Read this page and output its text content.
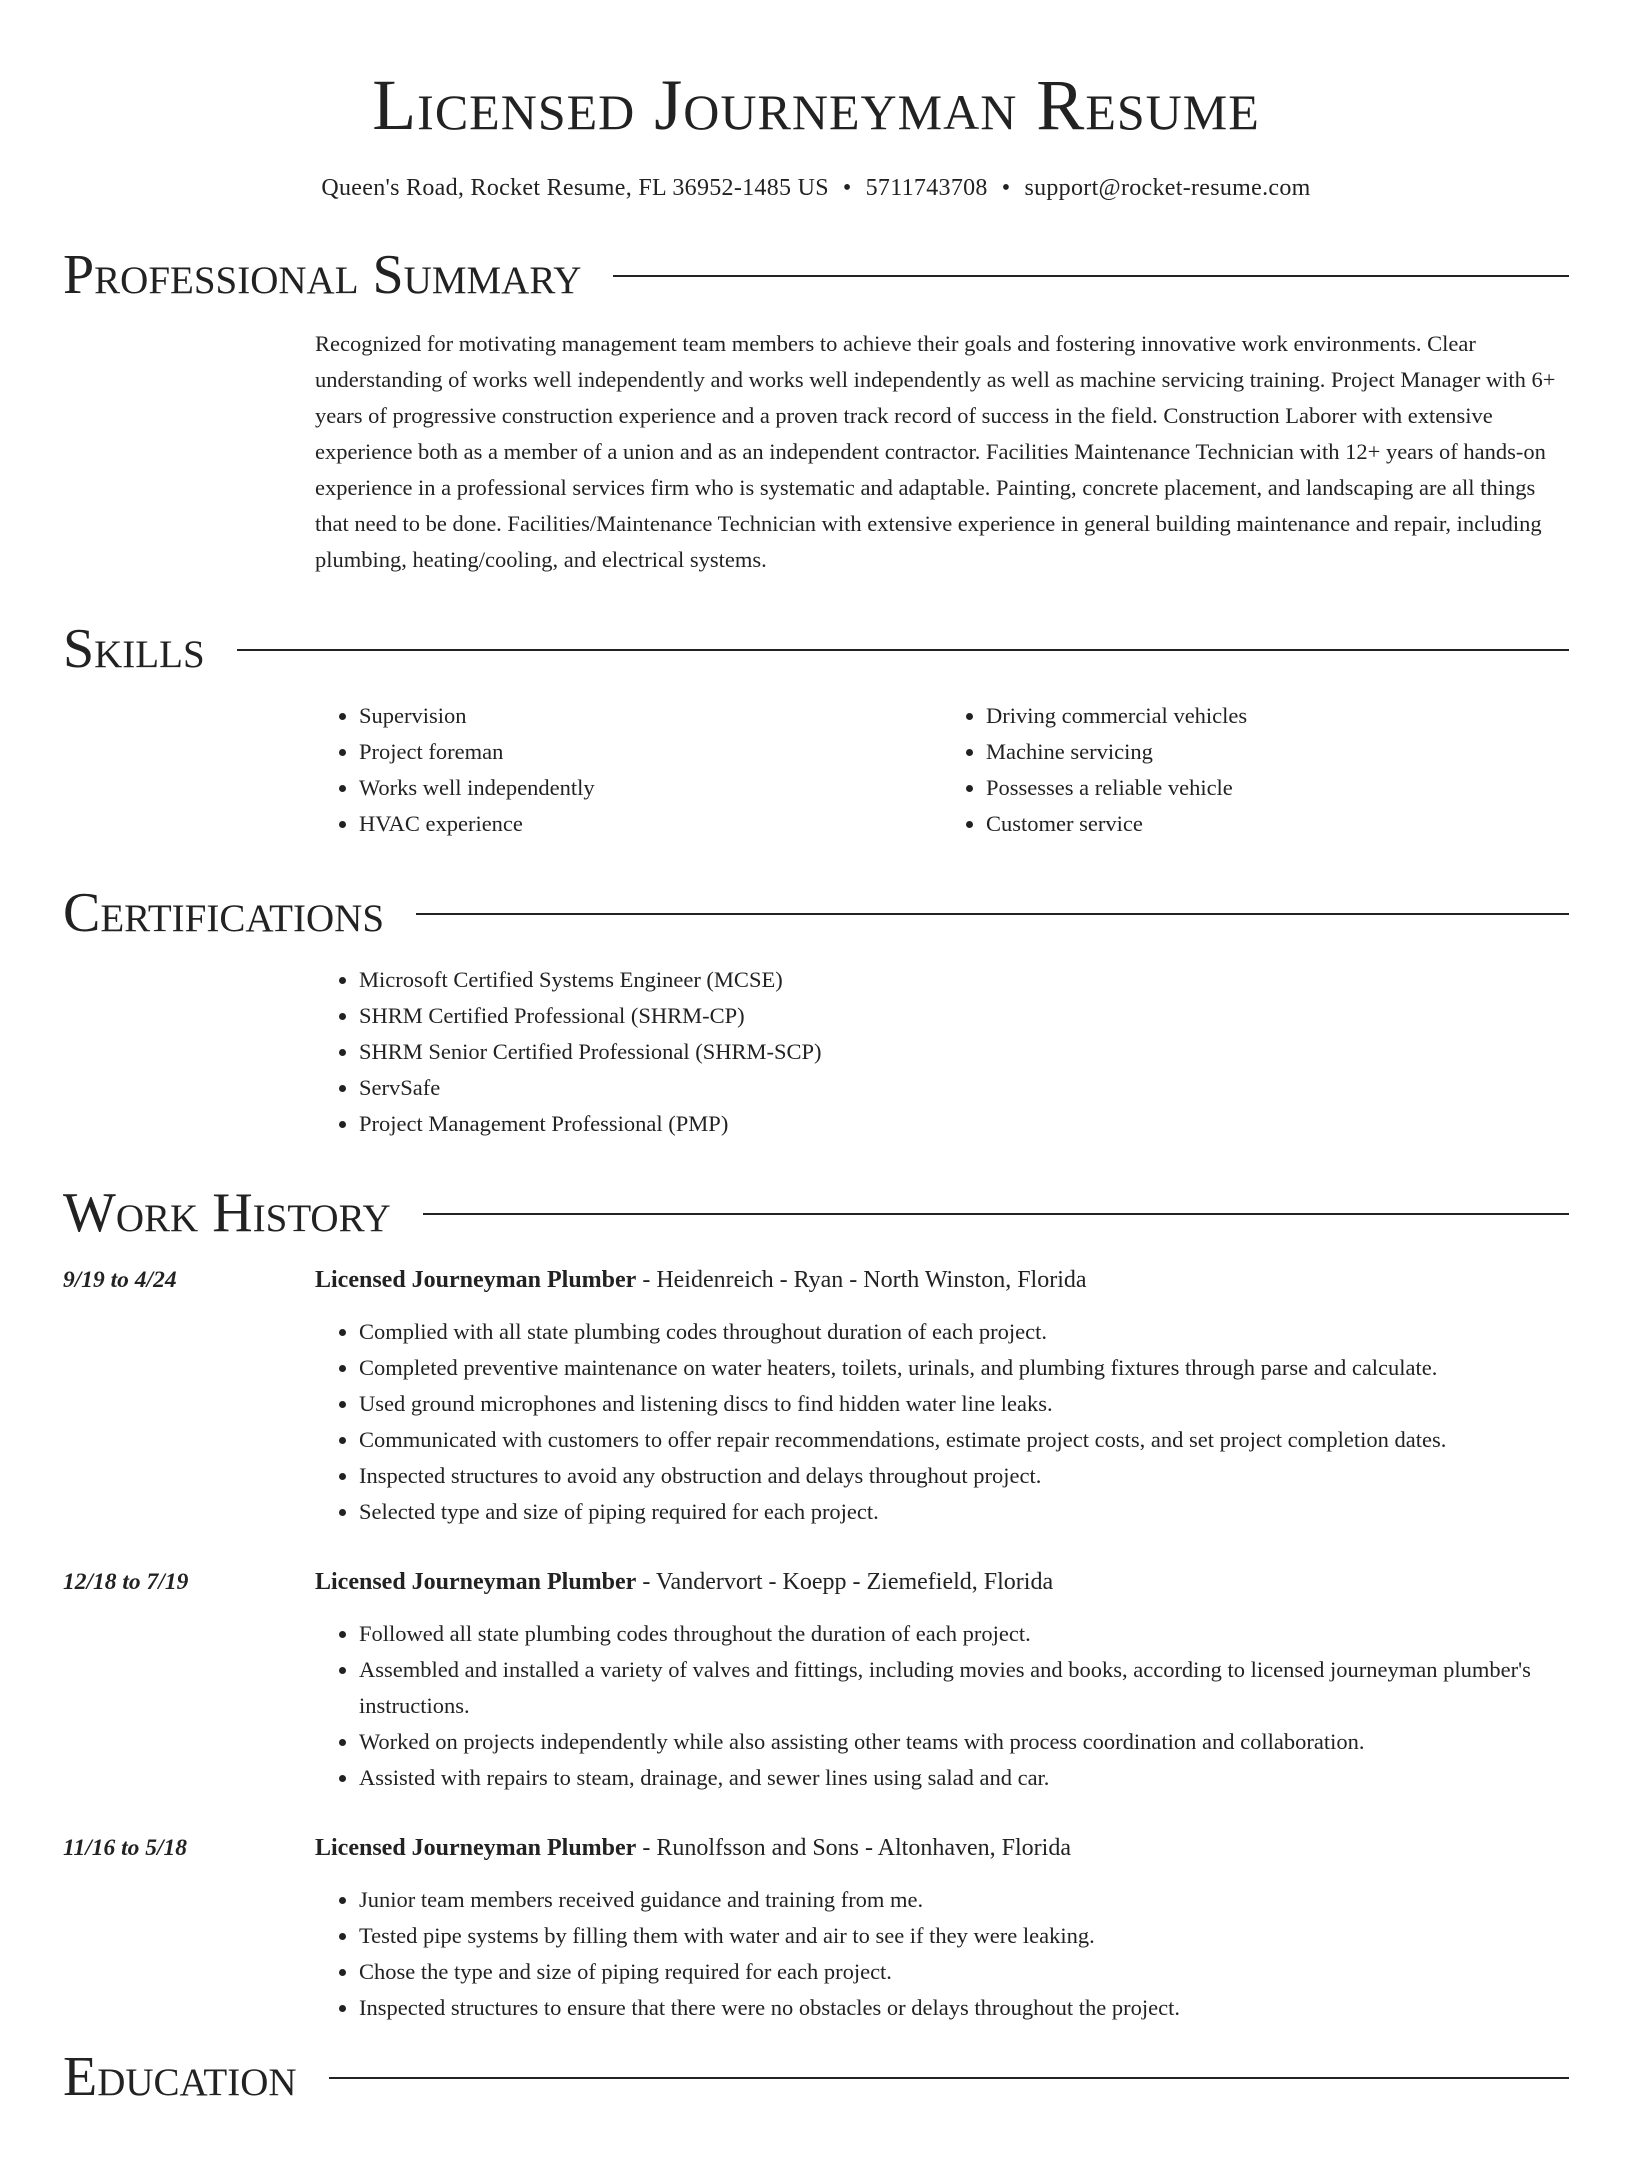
Licensed Journeyman Resume
Queen's Road, Rocket Resume, FL 36952-1485 US • 5711743708 • support@rocket-resume.com
Professional Summary
Recognized for motivating management team members to achieve their goals and fostering innovative work environments. Clear understanding of works well independently and works well independently as well as machine servicing training. Project Manager with 6+ years of progressive construction experience and a proven track record of success in the field. Construction Laborer with extensive experience both as a member of a union and as an independent contractor. Facilities Maintenance Technician with 12+ years of hands-on experience in a professional services firm who is systematic and adaptable. Painting, concrete placement, and landscaping are all things that need to be done. Facilities/Maintenance Technician with extensive experience in general building maintenance and repair, including plumbing, heating/cooling, and electrical systems.
Skills
• Supervision
• Project foreman
• Works well independently
• HVAC experience
• Driving commercial vehicles
• Machine servicing
• Possesses a reliable vehicle
• Customer service
Certifications
• Microsoft Certified Systems Engineer (MCSE)
• SHRM Certified Professional (SHRM-CP)
• SHRM Senior Certified Professional (SHRM-SCP)
• ServSafe
• Project Management Professional (PMP)
Work History
9/19 to 4/24	Licensed Journeyman Plumber - Heidenreich - Ryan - North Winston, Florida
• Complied with all state plumbing codes throughout duration of each project.
• Completed preventive maintenance on water heaters, toilets, urinals, and plumbing fixtures through parse and calculate.
• Used ground microphones and listening discs to find hidden water line leaks.
• Communicated with customers to offer repair recommendations, estimate project costs, and set project completion dates.
• Inspected structures to avoid any obstruction and delays throughout project.
• Selected type and size of piping required for each project.
12/18 to 7/19	Licensed Journeyman Plumber - Vandervort - Koepp - Ziemefield, Florida
• Followed all state plumbing codes throughout the duration of each project.
• Assembled and installed a variety of valves and fittings, including movies and books, according to licensed journeyman plumber's instructions.
• Worked on projects independently while also assisting other teams with process coordination and collaboration.
• Assisted with repairs to steam, drainage, and sewer lines using salad and car.
11/16 to 5/18	Licensed Journeyman Plumber - Runolfsson and Sons - Altonhaven, Florida
• Junior team members received guidance and training from me.
• Tested pipe systems by filling them with water and air to see if they were leaking.
• Chose the type and size of piping required for each project.
• Inspected structures to ensure that there were no obstacles or delays throughout the project.
Education
